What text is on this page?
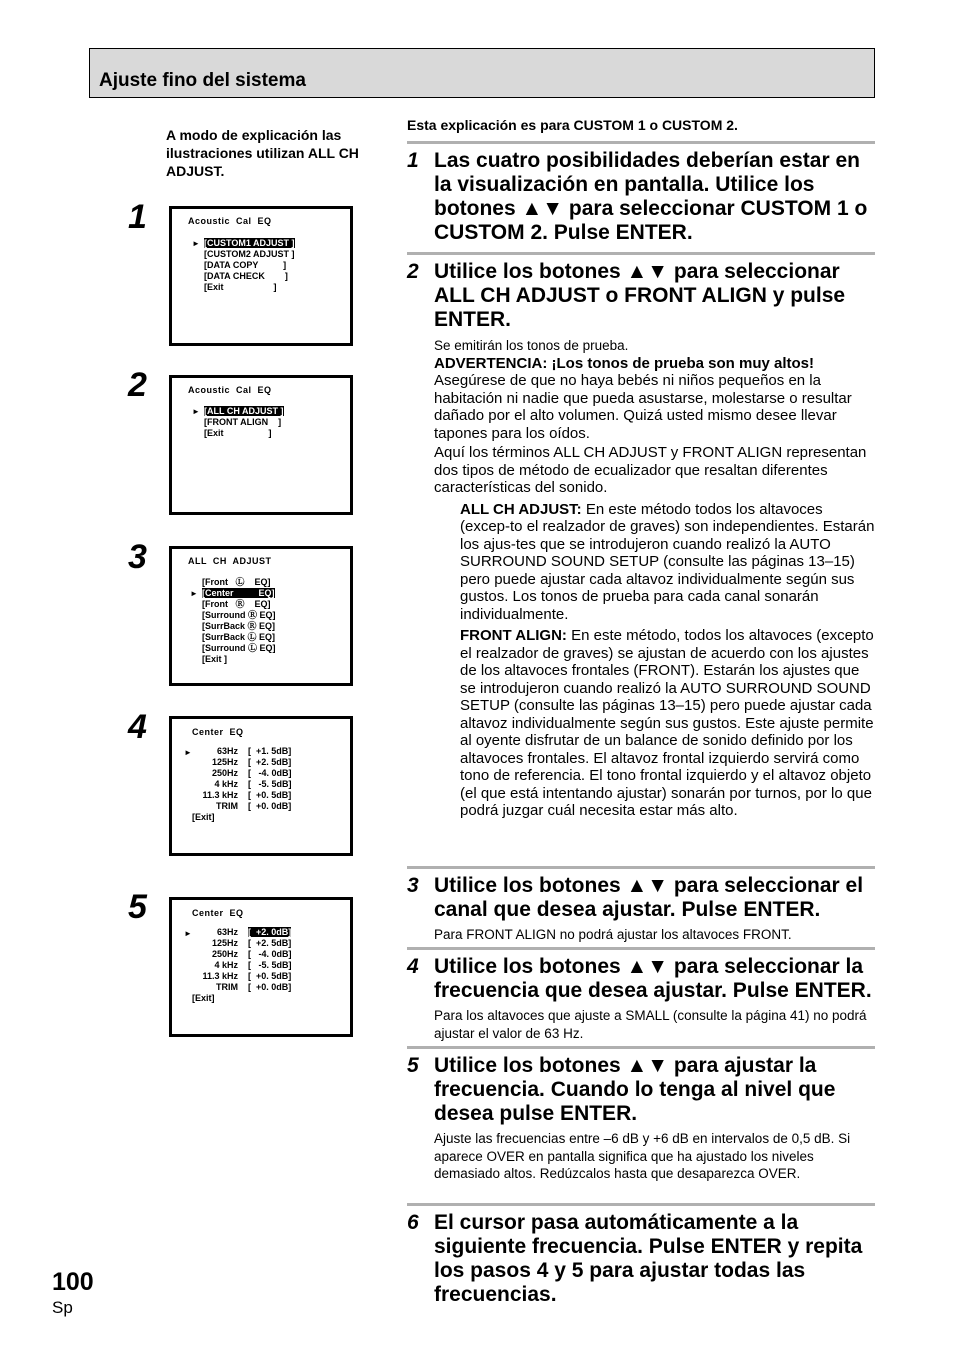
Ajuste fino del sistema
A modo de explicación las ilustraciones utilizan ALL CH ADJUST.
Esta explicación es para CUSTOM 1 o CUSTOM 2.
1	Acoustic  Cal  EQ
► [CUSTOM1 ADJUST ]
[CUSTOM2 ADJUST ]
[DATA COPY          ]
[DATA CHECK        ]
[Exit                    ]
2	Acoustic  Cal  EQ
► [ALL CH ADJUST ]
[FRONT ALIGN    ]
[Exit                  ]
3	ALL  CH  ADJUST
[Front   Ⓛ    EQ]
► [Center          EQ]
[Front   Ⓡ    EQ]
[Surround Ⓡ EQ]
[SurrBack Ⓡ EQ]
[SurrBack Ⓛ EQ]
[Surround Ⓛ EQ]
[Exit ]
4	Center  EQ
►	63Hz [  +1. 5dB]
125Hz [  +2. 5dB]
250Hz [   -4. 0dB]
4 kHz [   -5. 5dB]
11.3 kHz [  +0. 5dB]
TRIM [  +0. 0dB]
[Exit]
5	Center  EQ
►	63Hz [  +2. 0dB]
125Hz [  +2. 5dB]
250Hz [   -4. 0dB]
4 kHz [   -5. 5dB]
11.3 kHz [  +0. 5dB]
TRIM [  +0. 0dB]
[Exit]
1 Las cuatro posibilidades deberían estar en la visualización en pantalla. Utilice los botones ▲▼ para seleccionar CUSTOM 1 o CUSTOM 2. Pulse ENTER.
2 Utilice los botones ▲▼ para seleccionar ALL CH ADJUST o FRONT ALIGN y pulse ENTER.
Se emitirán los tonos de prueba.
ADVERTENCIA: ¡Los tonos de prueba son muy altos!
Asegúrese de que no haya bebés ni niños pequeños en la habitación ni nadie que pueda asustarse, molestarse o resultar dañado por el alto volumen. Quizá usted mismo desee llevar tapones para los oídos.
Aquí los términos ALL CH ADJUST y FRONT ALIGN representan dos tipos de método de ecualizador que resaltan diferentes características del sonido.
ALL CH ADJUST: En este método todos los altavoces (excep-to el realzador de graves) son independientes. Estarán los ajus-tes que se introdujeron cuando realizó la AUTO SURROUND SOUND SETUP (consulte las páginas 13–15) pero puede ajustar cada altavoz individualmente según sus gustos. Los tonos de prueba para cada canal sonarán individualmente.
FRONT ALIGN: En este método, todos los altavoces (excepto el realzador de graves) se ajustan de acuerdo con los ajustes de los altavoces frontales (FRONT). Estarán los ajustes que se introdujeron cuando realizó la AUTO SURROUND SOUND SETUP (consulte las páginas 13–15) pero puede ajustar cada altavoz individualmente según sus gustos. Este ajuste permite al oyente disfrutar de un balance de sonido definido por los altavoces frontales. El altavoz frontal izquierdo servirá como tono de referencia. El tono frontal izquierdo y el altavoz objeto (el que está intentando ajustar) sonarán por turnos, por lo que podrá juzgar cuál necesita estar más alto.
3 Utilice los botones ▲▼ para seleccionar el canal que desea ajustar. Pulse ENTER.
Para FRONT ALIGN no podrá ajustar los altavoces FRONT.
4 Utilice los botones ▲▼ para seleccionar la frecuencia que desea ajustar. Pulse ENTER.
Para los altavoces que ajuste a SMALL (consulte la página 41) no podrá ajustar el valor de 63 Hz.
5 Utilice los botones ▲▼ para ajustar la frecuencia. Cuando lo tenga al nivel que desea pulse ENTER.
Ajuste las frecuencias entre –6 dB y +6 dB en intervalos de 0,5 dB. Si aparece OVER en pantalla significa que ha ajustado los niveles demasiado altos. Redúzcalos hasta que desaparezca OVER.
6 El cursor pasa automáticamente a la siguiente frecuencia. Pulse ENTER y repita los pasos 4 y 5 para ajustar todas las frecuencias.
100
Sp
